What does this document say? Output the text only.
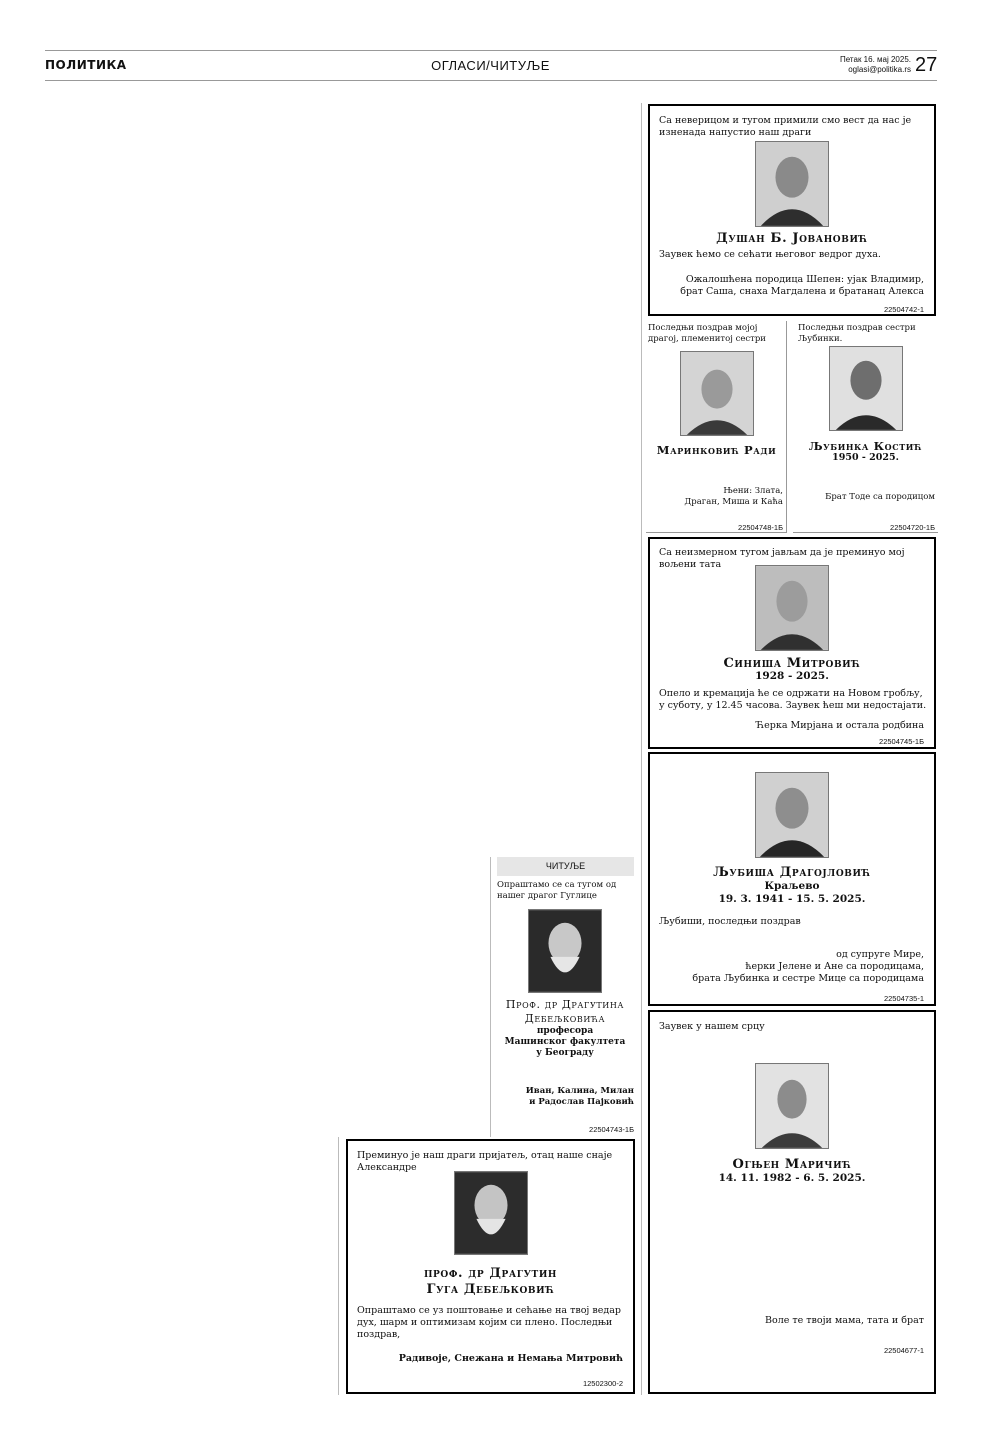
ПОЛИТИКА	ОГЛАСИ/ЧИТУЉЕ	Петак 16. мај 2025.
oglasi@politika.rs 27
Са неверицом и тугом примили смо вест да нас је изненада напустио наш драги
Душан Б. Јовановић
Заувек ћемо се сећати његовог ведрог духа.
Ожалошћена породица Шепен: ујак Владимир,
брат Саша, снаха Магдалена и братанац Алекса
22504742-1
Последњи поздрав мојој драгој, племенитој сестри
Маринковић Ради
Њени: Злата,
Драган, Миша и Каћа
22504748-1Б
Последњи поздрав сестри Љубинки.
Љубинка Костић
1950 - 2025.
Брат Тоде са породицом
22504720-1Б
Са неизмерном тугом јављам да је преминуо мој вољени тата
Синиша Митровић
1928 - 2025.
Опело и кремација ће се одржати на Новом гробљу, у суботу, у 12.45 часова. Заувек ћеш ми недостајати.
Ћерка Мирјана и остала родбина
22504745-1Б
Љубиша Драгојловић
Краљево
19. 3. 1941 - 15. 5. 2025.
Љубиши, последњи поздрав
од супруге Мире,
ћерки Јелене и Ане са породицама,
брата Љубинка и сестре Мице са породицама
22504735-1
Заувек у нашем срцу
Огњен Маричић
14. 11. 1982 - 6. 5. 2025.
Воле те твоји мама, тата и брат
22504677-1
ЧИТУЉЕ
Опраштамо се са тугом од нашег драгог Гуглице
Проф. др Драгутина
Дебељковића
професора
Машинског факултета
у Београду
Иван, Калина, Милан
и Радослав Пајковић
22504743-1Б
Преминуо је наш драги пријатељ, отац наше снаје Александре
проф. др Драгутин
Гуга Дебељковић
Опраштамо се уз поштовање и сећање на твој ведар дух, шарм и оптимизам којим си плено. Последњи поздрав,
Радивоје, Снежана и Немања Митровић
12502300-2
